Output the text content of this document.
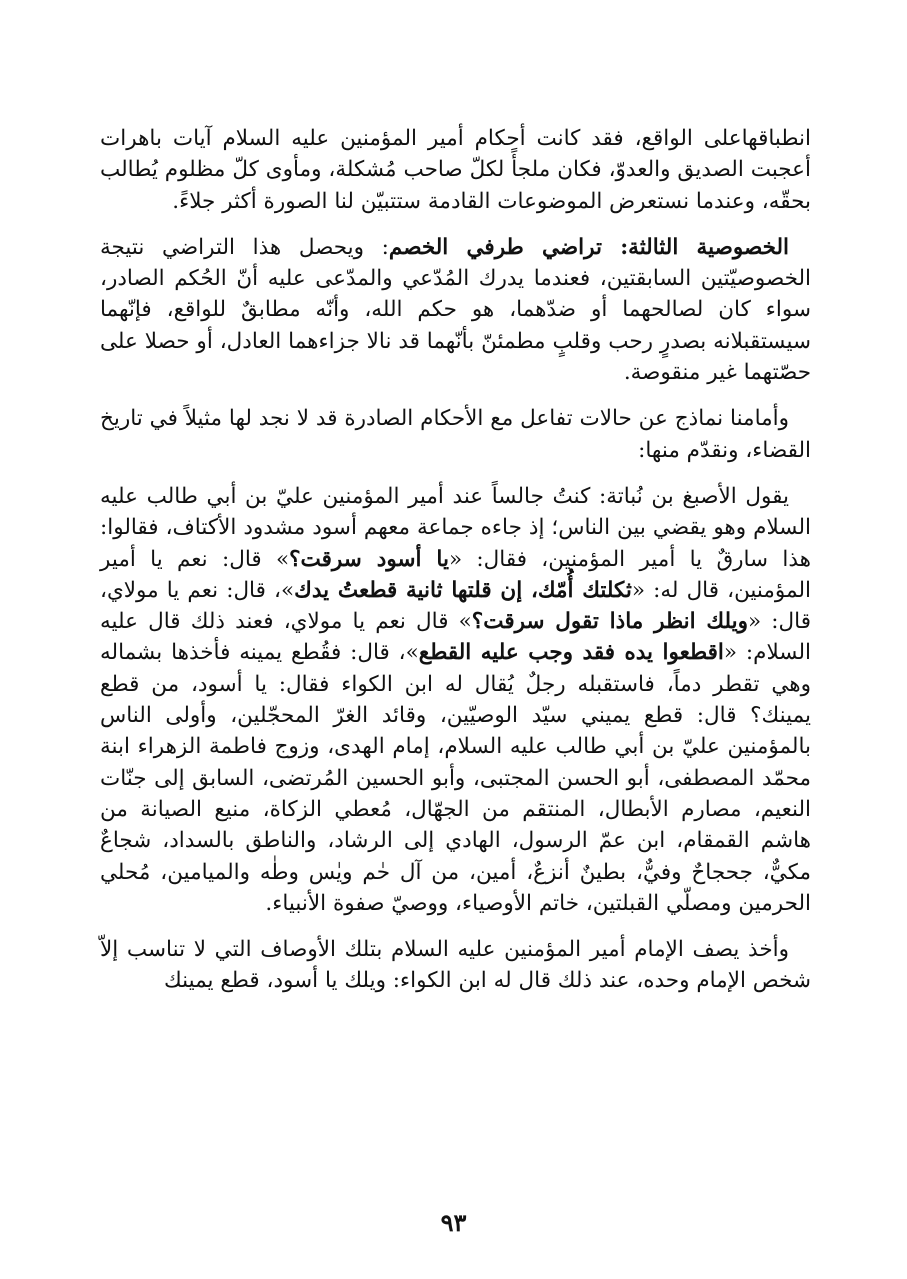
انطباقهاعلى الواقع، فقد كانت أحكام أمير المؤمنين عليه السلام آيات باهرات أعجبت الصديق والعدوّ، فكان ملجأً لكلّ صاحب مُشكلة، ومأوى كلّ مظلوم يُطالب بحقّه، وعندما نستعرض الموضوعات القادمة ستتبيّن لنا الصورة أكثر جلاءً.

الخصوصية الثالثة: تراضي طرفي الخصم: ويحصل هذا التراضي نتيجة الخصوصيّتين السابقتين، فعندما يدرك المُدّعي والمدّعى عليه أنّ الحُكم الصادر، سواء كان لصالحهما أو ضدّهما، هو حكم الله، وأنّه مطابقٌ للواقع، فإنّهما سيستقبلانه بصدرٍ رحب وقلبٍ مطمئنّ بأنّهما قد نالا جزاءهما العادل، أو حصلا على حصّتهما غير منقوصة.

وأمامنا نماذج عن حالات تفاعل مع الأحكام الصادرة قد لا نجد لها مثيلاً في تاريخ القضاء، ونقدّم منها:

يقول الأصبغ بن نُباتة: كنتُ جالساً عند أمير المؤمنين عليّ بن أبي طالب عليه السلام وهو يقضي بين الناس؛ إذ جاءه جماعة معهم أسود مشدود الأكتاف، فقالوا: هذا سارقٌ يا أمير المؤمنين، فقال: «يا أسود سرقت؟» قال: نعم يا أمير المؤمنين، قال له: «ثكلتك أُمّك، إن قلتها ثانية قطعتُ يدك»، قال: نعم يا مولاي، قال: «ويلك انظر ماذا تقول سرقت؟» قال نعم يا مولاي، فعند ذلك قال عليه السلام: «اقطعوا يده فقد وجب عليه القطع»، قال: فقُطع يمينه فأخذها بشماله وهي تقطر دماً، فاستقبله رجلٌ يُقال له ابن الكواء فقال: يا أسود، من قطع يمينك؟ قال: قطع يميني سيّد الوصيّين، وقائد الغرّ المحجّلين، وأولى الناس بالمؤمنين عليّ بن أبي طالب عليه السلام، إمام الهدى، وزوج فاطمة الزهراء ابنة محمّد المصطفى، أبو الحسن المجتبى، وأبو الحسين المُرتضى، السابق إلى جنّات النعيم، مصارم الأبطال، المنتقم من الجهّال، مُعطي الزكاة، منيع الصيانة من هاشم القمقام، ابن عمّ الرسول، الهادي إلى الرشاد، والناطق بالسداد، شجاعٌ مكيٌّ، جحجاحٌ وفيٌّ، بطينٌ أنزعٌ، أمين، من آل حٰم ويٰس وطٰه والميامين، مُحلي الحرمين ومصلّي القبلتين، خاتم الأوصياء، ووصيّ صفوة الأنبياء.

وأخذ يصف الإمام أمير المؤمنين عليه السلام بتلك الأوصاف التي لا تناسب إلاّ شخص الإمام وحده، عند ذلك قال له ابن الكواء: ويلك يا أسود، قطع يمينك

٩٣
